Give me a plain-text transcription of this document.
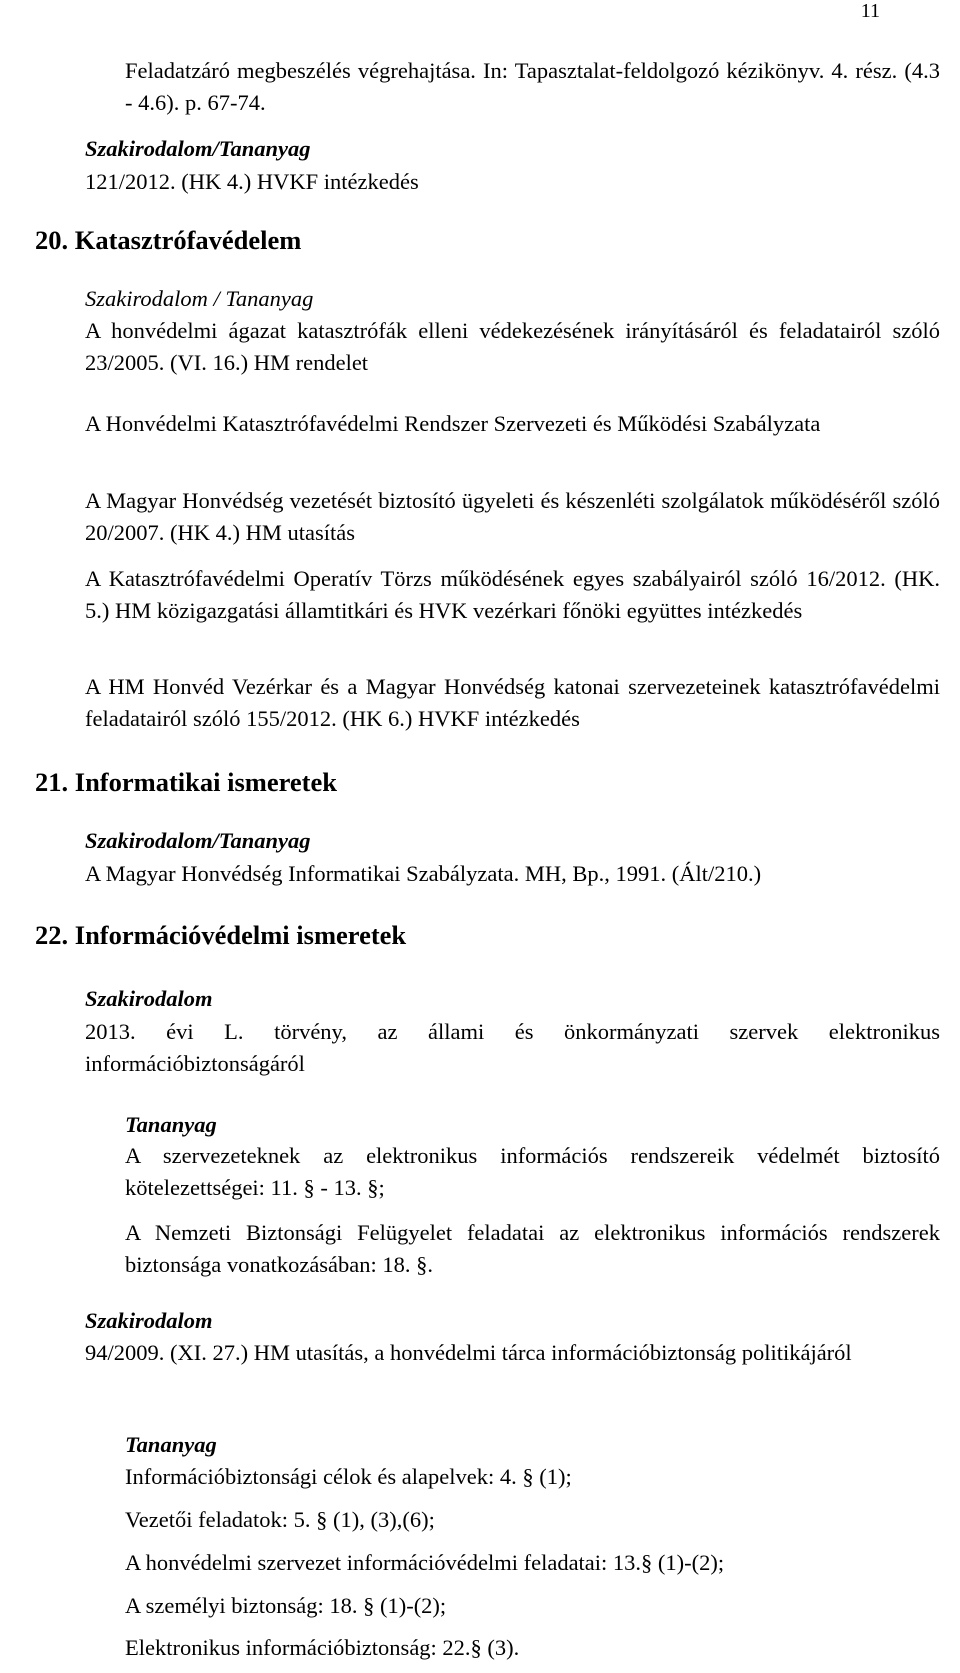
11

Feladatzáró megbeszélés végrehajtása. In: Tapasztalat-feldolgozó kézikönyv. 4. rész. (4.3 - 4.6). p. 67-74.

Szakirodalom/Tananyag

121/2012. (HK 4.) HVKF intézkedés

20. Katasztrófavédelem
Szakirodalom / Tananyag

A honvédelmi ágazat katasztrófák elleni védekezésének irányításáról és feladatairól szóló 23/2005. (VI. 16.) HM rendelet

A Honvédelmi Katasztrófavédelmi Rendszer Szervezeti és Működési Szabályzata

A Magyar Honvédség vezetését biztosító ügyeleti és készenléti szolgálatok működéséről szóló 20/2007. (HK 4.) HM utasítás

A Katasztrófavédelmi Operatív Törzs működésének egyes szabályairól szóló 16/2012. (HK. 5.) HM közigazgatási államtitkári és HVK vezérkari főnöki együttes intézkedés

A HM Honvéd Vezérkar és a Magyar Honvédség katonai szervezeteinek katasztrófavédelmi feladatairól szóló 155/2012. (HK 6.) HVKF intézkedés

21. Informatikai ismeretek
Szakirodalom/Tananyag

A Magyar Honvédség Informatikai Szabályzata. MH, Bp., 1991. (Ált/210.)

22. Információvédelmi ismeretek
Szakirodalom

2013. évi L. törvény, az állami és önkormányzati szervek elektronikus információbiztonságáról

Tananyag

A szervezeteknek az elektronikus információs rendszereik védelmét biztosító kötelezettségei: 11. § - 13. §;

A Nemzeti Biztonsági Felügyelet feladatai az elektronikus információs rendszerek biztonsága vonatkozásában: 18. §.

Szakirodalom

94/2009. (XI. 27.) HM utasítás, a honvédelmi tárca információbiztonság politikájáról

Tananyag

Információbiztonsági célok és alapelvek: 4. § (1);

Vezetői feladatok: 5. § (1), (3),(6);

A honvédelmi szervezet információvédelmi feladatai: 13.§ (1)-(2);

A személyi biztonság: 18. § (1)-(2);

Elektronikus információbiztonság: 22.§ (3).
